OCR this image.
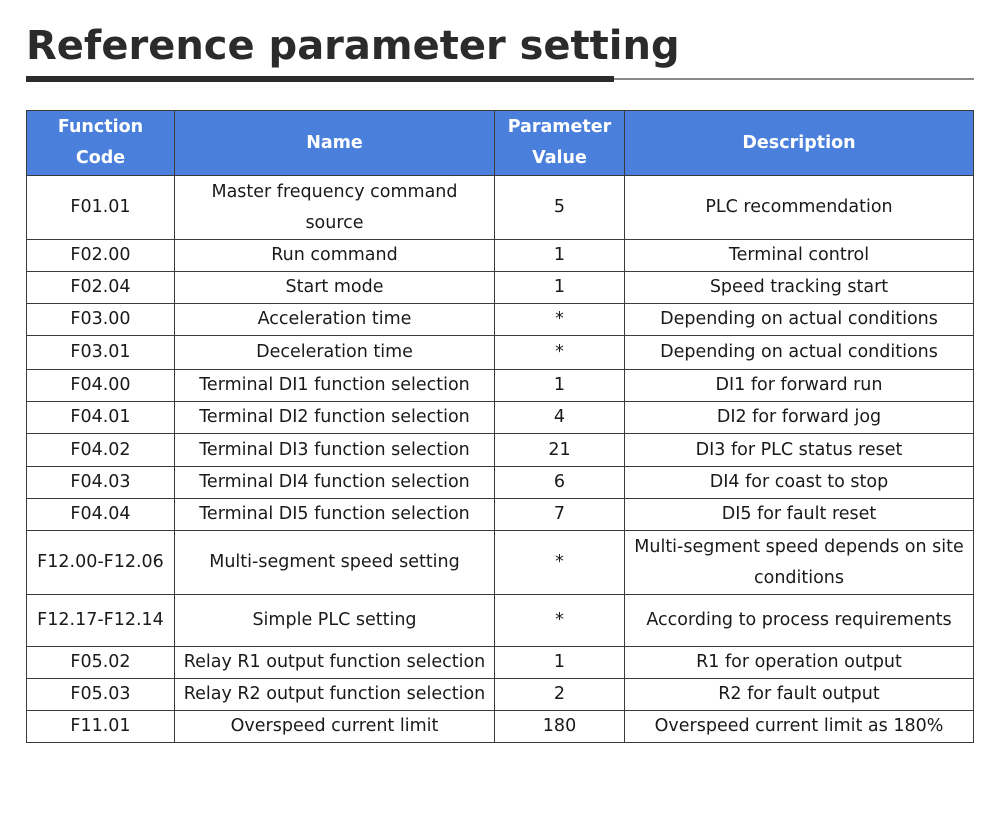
Reference parameter setting
Function Code	Name	Parameter Value	Description
F01.01	Master frequency command source	5	PLC recommendation
F02.00	Run command	1	Terminal control
F02.04	Start mode	1	Speed tracking start
F03.00	Acceleration time	*	Depending on actual conditions
F03.01	Deceleration time	*	Depending on actual conditions
F04.00	Terminal DI1 function selection	1	DI1 for forward run
F04.01	Terminal DI2 function selection	4	DI2 for forward jog
F04.02	Terminal DI3 function selection	21	DI3 for PLC status reset
F04.03	Terminal DI4 function selection	6	DI4 for coast to stop
F04.04	Terminal DI5 function selection	7	DI5 for fault reset
F12.00-F12.06	Multi-segment speed setting	*	Multi-segment speed depends on site conditions
F12.17-F12.14	Simple PLC setting	*	According to process requirements
F05.02	Relay R1 output function selection	1	R1 for operation output
F05.03	Relay R2 output function selection	2	R2 for fault output
F11.01	Overspeed current limit	180	Overspeed current limit as 180%
